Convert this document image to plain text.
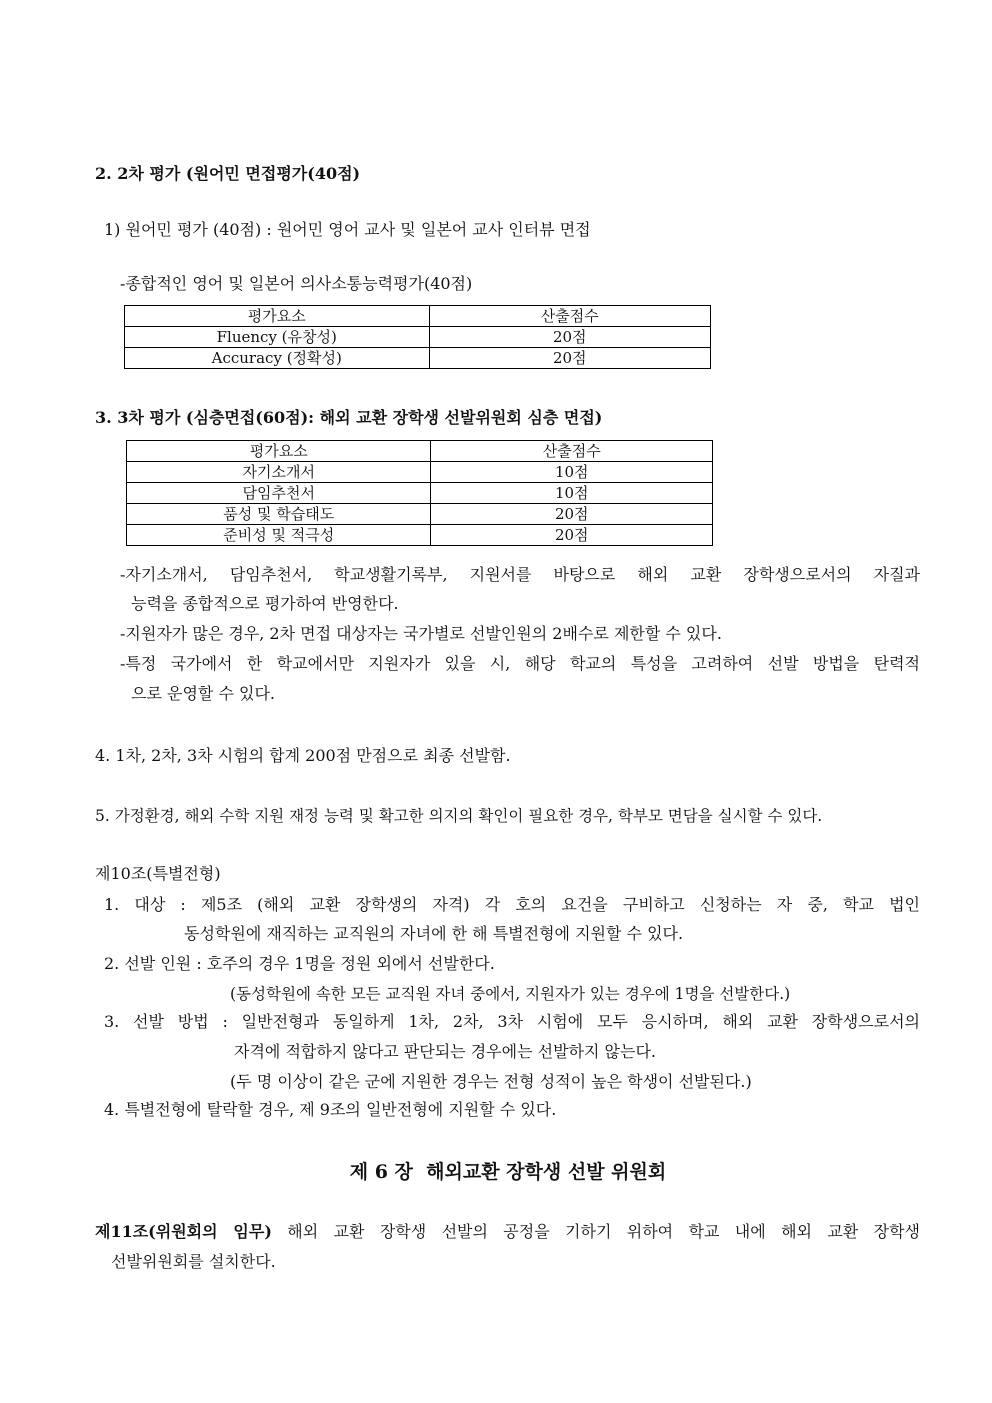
2. 2차 평가 (원어민 면접평가(40점)
1) 원어민 평가 (40점) : 원어민 영어 교사 및 일본어 교사 인터뷰 면접
-종합적인 영어 및 일본어 의사소통능력평가(40점)
평가요소	산출점수
Fluency (유창성)	20점
Accuracy (정확성)	20점
3. 3차 평가 (심층면접(60점): 해외 교환 장학생 선발위원회 심층 면접)
평가요소	산출점수
자기소개서	10점
담임추천서	10점
품성 및 학습태도	20점
준비성 및 적극성	20점
-자기소개서, 담임추천서, 학교생활기록부, 지원서를 바탕으로 해외 교환 장학생으로서의 자질과
능력을 종합적으로 평가하여 반영한다.
-지원자가 많은 경우, 2차 면접 대상자는 국가별로 선발인원의 2배수로 제한할 수 있다.
-특정 국가에서 한 학교에서만 지원자가 있을 시, 해당 학교의 특성을 고려하여 선발 방법을 탄력적
으로 운영할 수 있다.
4. 1차, 2차, 3차 시험의 합계 200점 만점으로 최종 선발함.
5. 가정환경, 해외 수학 지원 재정 능력 및 확고한 의지의 확인이 필요한 경우, 학부모 면담을 실시할 수 있다.
제10조(특별전형)
1. 대상 : 제5조 (해외 교환 장학생의 자격) 각 호의 요건을 구비하고 신청하는 자 중, 학교 법인
동성학원에 재직하는 교직원의 자녀에 한 해 특별전형에 지원할 수 있다.
2. 선발 인원 : 호주의 경우 1명을 정원 외에서 선발한다.
(동성학원에 속한 모든 교직원 자녀 중에서, 지원자가 있는 경우에 1명을 선발한다.)
3. 선발 방법 : 일반전형과 동일하게 1차, 2차, 3차 시험에 모두 응시하며, 해외 교환 장학생으로서의
자격에 적합하지 않다고 판단되는 경우에는 선발하지 않는다.
(두 명 이상이 같은 군에 지원한 경우는 전형 성적이 높은 학생이 선발된다.)
4. 특별전형에 탈락할 경우, 제 9조의 일반전형에 지원할 수 있다.
제 6 장  해외교환 장학생 선발 위원회
제11조(위원회의 임무) 해외 교환 장학생 선발의 공정을 기하기 위하여 학교 내에 해외 교환 장학생
선발위원회를 설치한다.
